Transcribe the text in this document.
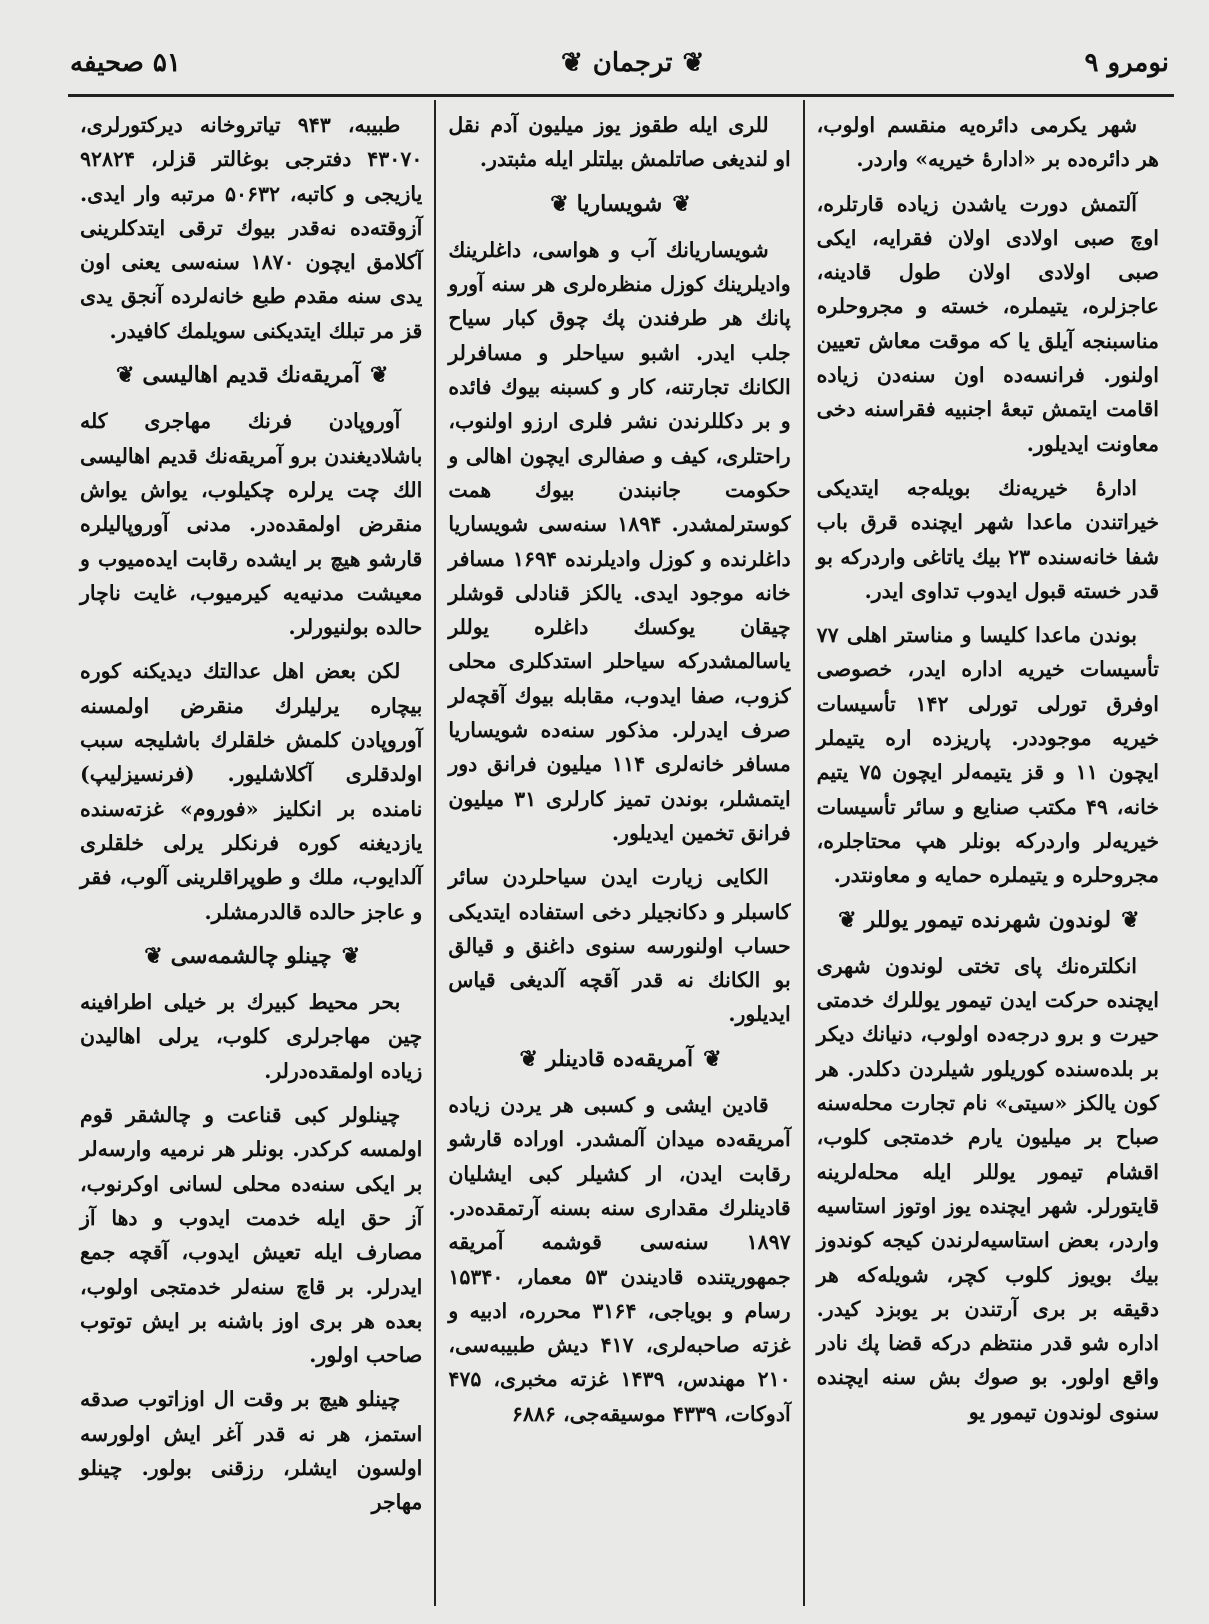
نومرو ۹
❦
ترجمان
❦
۵۱ صحیفه

شهر یکرمی دائره‌یه منقسم اولوب، هر دائره‌ده بر «ادارهٔ خیریه» واردر.

آلتمش دورت یاشدن زیاده قارتلره، اوچ صبی اولادی اولان فقرایه، ایکی صبی اولادی اولان طول قادینه، عاجزلره، یتیملره، خسته و مجروحلره مناسبنجه آیلق یا که موقت معاش تعیین اولنور. فرانسه‌ده اون سنه‌دن زیاده اقامت ایتمش تبعهٔ اجنبیه فقراسنه دخی معاونت ایدیلور.

ادارهٔ خیریه‌نك بویله‌جه ایتدیکی خیراتندن ماعدا شهر ایچنده قرق باب شفا خانه‌سنده ۲۳ بیك یاتاغی واردرکه بو قدر خسته قبول ایدوب تداوی ایدر.

بوندن ماعدا کلیسا و مناستر اهلی ۷۷ تأسیسات خیریه اداره ایدر، خصوصی اوفرق تورلی تورلی ۱۴۲ تأسیسات خیریه موجوددر. پاریزده اره یتیملر ایچون ۱۱ و قز یتیمه‌لر ایچون ۷۵ یتیم خانه، ۴۹ مکتب صنایع و سائر تأسیسات خیریه‌لر واردرکه بونلر هپ محتاجلره، مجروحلره و یتیملره حمایه و معاونتدر.

❦
لوندون شهرنده تیمور یوللر
❦

انکلتره‌نك پای تختی لوندون شهری ایچنده حرکت ایدن تیمور یوللرك خدمتی حیرت و برو درجه‌ده اولوب، دنیانك دیکر بر بلده‌سنده کوریلور شیلردن دکلدر. هر کون یالکز «سیتی» نام تجارت محله‌سنه صباح بر میلیون یارم خدمتجی کلوب، اقشام تیمور یوللر ایله محله‌لرینه قایتورلر. شهر ایچنده یوز اوتوز استاسیه واردر، بعض استاسیه‌لرندن کیجه کوندوز بیك بویوز کلوب کچر، شویله‌که هر دقیقه بر بری آرتندن بر یوبزد کیدر. اداره شو قدر منتظم درکه قضا پك نادر واقع اولور. بو صوك بش سنه ایچنده سنوی لوندون تیمور یو

للری ایله طقوز یوز میلیون آدم نقل او لندیغی صاتلمش بیلتلر ایله مثبتدر.

❦
شویساریا
❦

شویساریانك آب و هواسی، داغلرینك وادیلرینك کوزل منظره‌لری هر سنه آورو پانك هر طرفندن پك چوق کبار سیاح جلب ایدر. اشبو سیاحلر و مسافرلر الکانك تجارتنه، کار و کسبنه بیوك فائده و بر دکللرندن نشر فلری ارزو اولنوب، راحتلری، کیف و صفالری ایچون اهالی و حکومت جانبندن بیوك همت کوسترلمشدر. ۱۸۹۴ سنه‌سی شویساریا داغلرنده و کوزل وادیلرنده ۱۶۹۴ مسافر خانه موجود ایدی. یالکز قنادلی قوشلر چیقان یوکسك داغلره یوللر یاسالمشدرکه سیاحلر استدکلری محلی کزوب، صفا ایدوب، مقابله بیوك آقچه‌لر صرف ایدرلر. مذکور سنه‌ده شویساریا مسافر خانه‌لری ۱۱۴ میلیون فرانق دور ایتمشلر، بوندن تمیز کارلری ۳۱ میلیون فرانق تخمین ایدیلور.

الکایی زیارت ایدن سیاحلردن سائر کاسبلر و دکانجیلر دخی استفاده ایتدیکی حساب اولنورسه سنوی داغنق و قیالق بو الکانك نه قدر آقچه آلدیغی قیاس ایدیلور.

❦
آمریقه‌ده قادینلر
❦

قادین ایشی و کسبی هر یردن زیاده آمریقه‌ده میدان آلمشدر. اوراده قارشو رقابت ایدن، ار کشیلر کبی ایشلیان قادینلرك مقداری سنه بسنه آرتمقده‌در. ۱۸۹۷ سنه‌سی قوشمه آمریقه جمهوریتنده قادیندن ۵۳ معمار، ۱۵۳۴۰ رسام و بویاجی، ۳۱۶۴ محرره، ادبیه و غزته صاحبه‌لری، ۴۱۷ دیش طبیبه‌سی، ۲۱۰ مهندس، ۱۴۳۹ غزته مخبری، ۴۷۵ آدوکات، ۴۳۳۹ موسیقه‌جی، ۶۸۸۶

طبیبه، ۹۴۳ تیاتروخانه دیرکتورلری، ۴۳۰۷۰ دفترجی بوغالتر قزلر، ۹۲۸۲۴ یازیجی و کاتبه، ۵۰۶۳۲ مرتبه وار ایدی. آزوقته‌ده نه‌قدر بیوك ترقی ایتدکلرینی آکلامق ایچون ۱۸۷۰ سنه‌سی یعنی اون یدی سنه مقدم طبع خانه‌لرده آنجق یدی قز مر تبلك ایتدیکنی سویلمك کافیدر.

❦
آمریقه‌نك قدیم اهالیسی
❦

آوروپادن فرنك مهاجری کله باشلادیغندن برو آمریقه‌نك قدیم اهالیسی الك چت یرلره چکیلوب، یواش یواش منقرض اولمقده‌در. مدنی آوروپالیلره قارشو هیچ بر ایشده رقابت ایده‌میوب و معیشت مدنیه‌یه کیرمیوب، غایت ناچار حالده بولنیورلر.

لکن بعض اهل عدالتك دیدیکنه کوره بیچاره یرلیلرك منقرض اولمسنه آوروپادن کلمش خلقلرك باشلیجه سبب اولدقلری آکلاشلیور. (فرنسیزلیپ) نامنده بر انکلیز «فوروم» غزته‌سنده یازدیغنه کوره فرنکلر یرلی خلقلری آلدایوب، ملك و طوپراقلرینی آلوب، فقر و عاجز حالده قالدرمشلر.

❦
چینلو چالشمه‌سی
❦

بحر محیط کبیرك بر خیلی اطرافینه چین مهاجرلری کلوب، یرلی اهالیدن زیاده اولمقده‌درلر.

چینلولر کبی قناعت و چالشقر قوم اولمسه کرکدر. بونلر هر نرمیه وارسه‌لر بر ایکی سنه‌ده محلی لسانی اوکرنوب، آز حق ایله خدمت ایدوب و دها آز مصارف ایله تعیش ایدوب، آقچه جمع ایدرلر. بر قاچ سنه‌لر خدمتجی اولوب، بعده هر بری اوز باشنه بر ایش توتوب صاحب اولور.

چینلو هیچ بر وقت ال اوزاتوب صدقه استمز، هر نه قدر آغر ایش اولورسه اولسون ایشلر، رزقنی بولور. چینلو مهاجر
